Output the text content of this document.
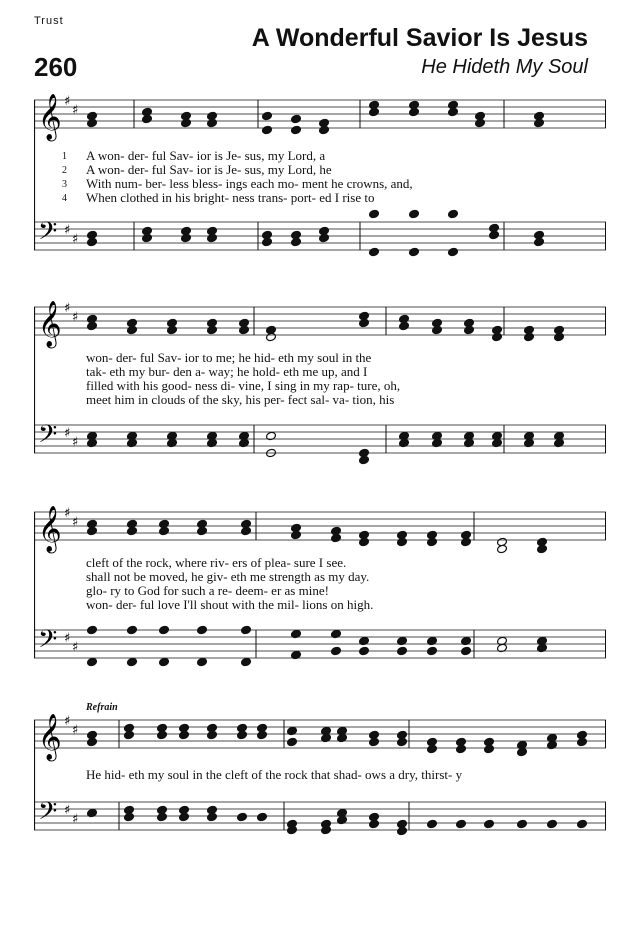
Trust
260
A Wonderful Savior Is Jesus
He Hideth My Soul
𝄞
𝄢
♯
♯
♯
♯
1
2
3
4
A won- der- ful Sav- ior is Je- sus, my Lord, a
A won- der- ful Sav- ior is Je- sus, my Lord, he
With num- ber- less bless- ings each mo- ment he crowns, and,
When clothed in his bright- ness trans- port- ed I rise to
𝄞
𝄢
♯
♯
♯
♯
won- der- ful Sav- ior to me; he hid- eth my soul in the
tak- eth my bur- den a- way; he hold- eth me up, and I
filled with his good- ness di- vine, I sing in my rap- ture, oh,
meet him in clouds of the sky, his per- fect sal- va- tion, his
𝄞
𝄢
♯
♯
♯
♯
cleft of the rock, where riv- ers of plea- sure I see.
shall not be moved, he giv- eth me strength as my day.
glo- ry to God for such a re- deem- er as mine!
won- der- ful love I'll shout with the mil- lions on high.
Refrain
𝄞
𝄢
♯
♯
♯
♯
He hid- eth my soul in the cleft of the rock that shad- ows a dry, thirst- y
